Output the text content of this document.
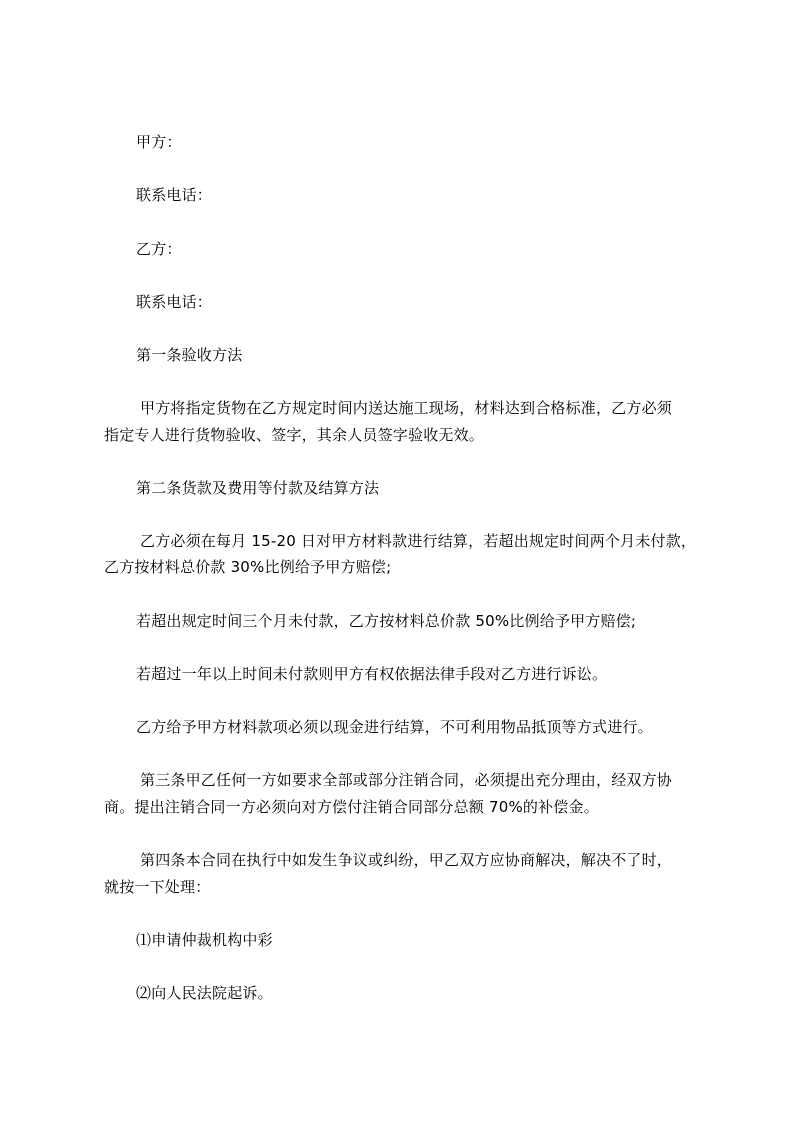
甲方：
联系电话：
乙方：
联系电话：
第一条验收方法
甲方将指定货物在乙方规定时间内送达施工现场，材料达到合格标准，乙方必须
指定专人进行货物验收、签字，其余人员签字验收无效。
第二条货款及费用等付款及结算方法
乙方必须在每月 15-20 日对甲方材料款进行结算，若超出规定时间两个月未付款，
乙方按材料总价款 30%比例给予甲方赔偿;
若超出规定时间三个月未付款，乙方按材料总价款 50%比例给予甲方赔偿;
若超过一年以上时间未付款则甲方有权依据法律手段对乙方进行诉讼。
乙方给予甲方材料款项必须以现金进行结算，不可利用物品抵顶等方式进行。
第三条甲乙任何一方如要求全部或部分注销合同，必须提出充分理由，经双方协
商。提出注销合同一方必须向对方偿付注销合同部分总额 70%的补偿金。
第四条本合同在执行中如发生争议或纠纷，甲乙双方应协商解决，解决不了时，
就按一下处理：
⑴申请仲裁机构中彩
⑵向人民法院起诉。
